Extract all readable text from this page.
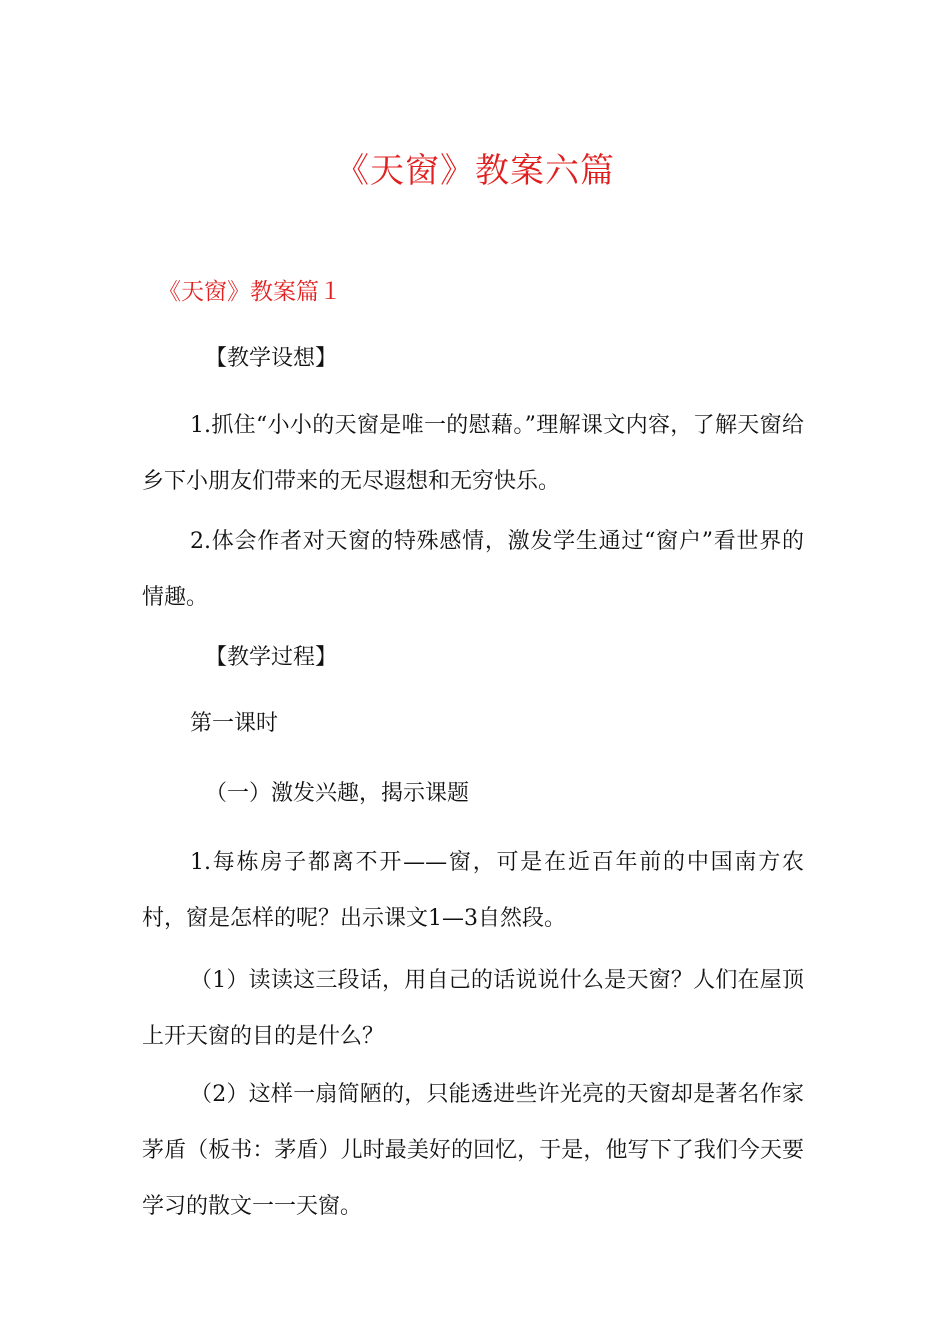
《天窗》教案六篇
《天窗》教案篇１
【教学设想】
1.抓住“小小的天窗是唯一的慰藉。”理解课文内容，了解天窗给乡下小朋友们带来的无尽遐想和无穷快乐。
2.体会作者对天窗的特殊感情，激发学生通过“窗户”看世界的情趣。
【教学过程】
第一课时
（一）激发兴趣，揭示课题
1.每栋房子都离不开——窗，可是在近百年前的中国南方农村，窗是怎样的呢？出示课文1—3自然段。
（1）读读这三段话，用自己的话说说什么是天窗？人们在屋顶上开天窗的目的是什么？
（2）这样一扇简陋的，只能透进些许光亮的天窗却是著名作家茅盾（板书：茅盾）儿时最美好的回忆，于是，他写下了我们今天要学习的散文一一天窗。
